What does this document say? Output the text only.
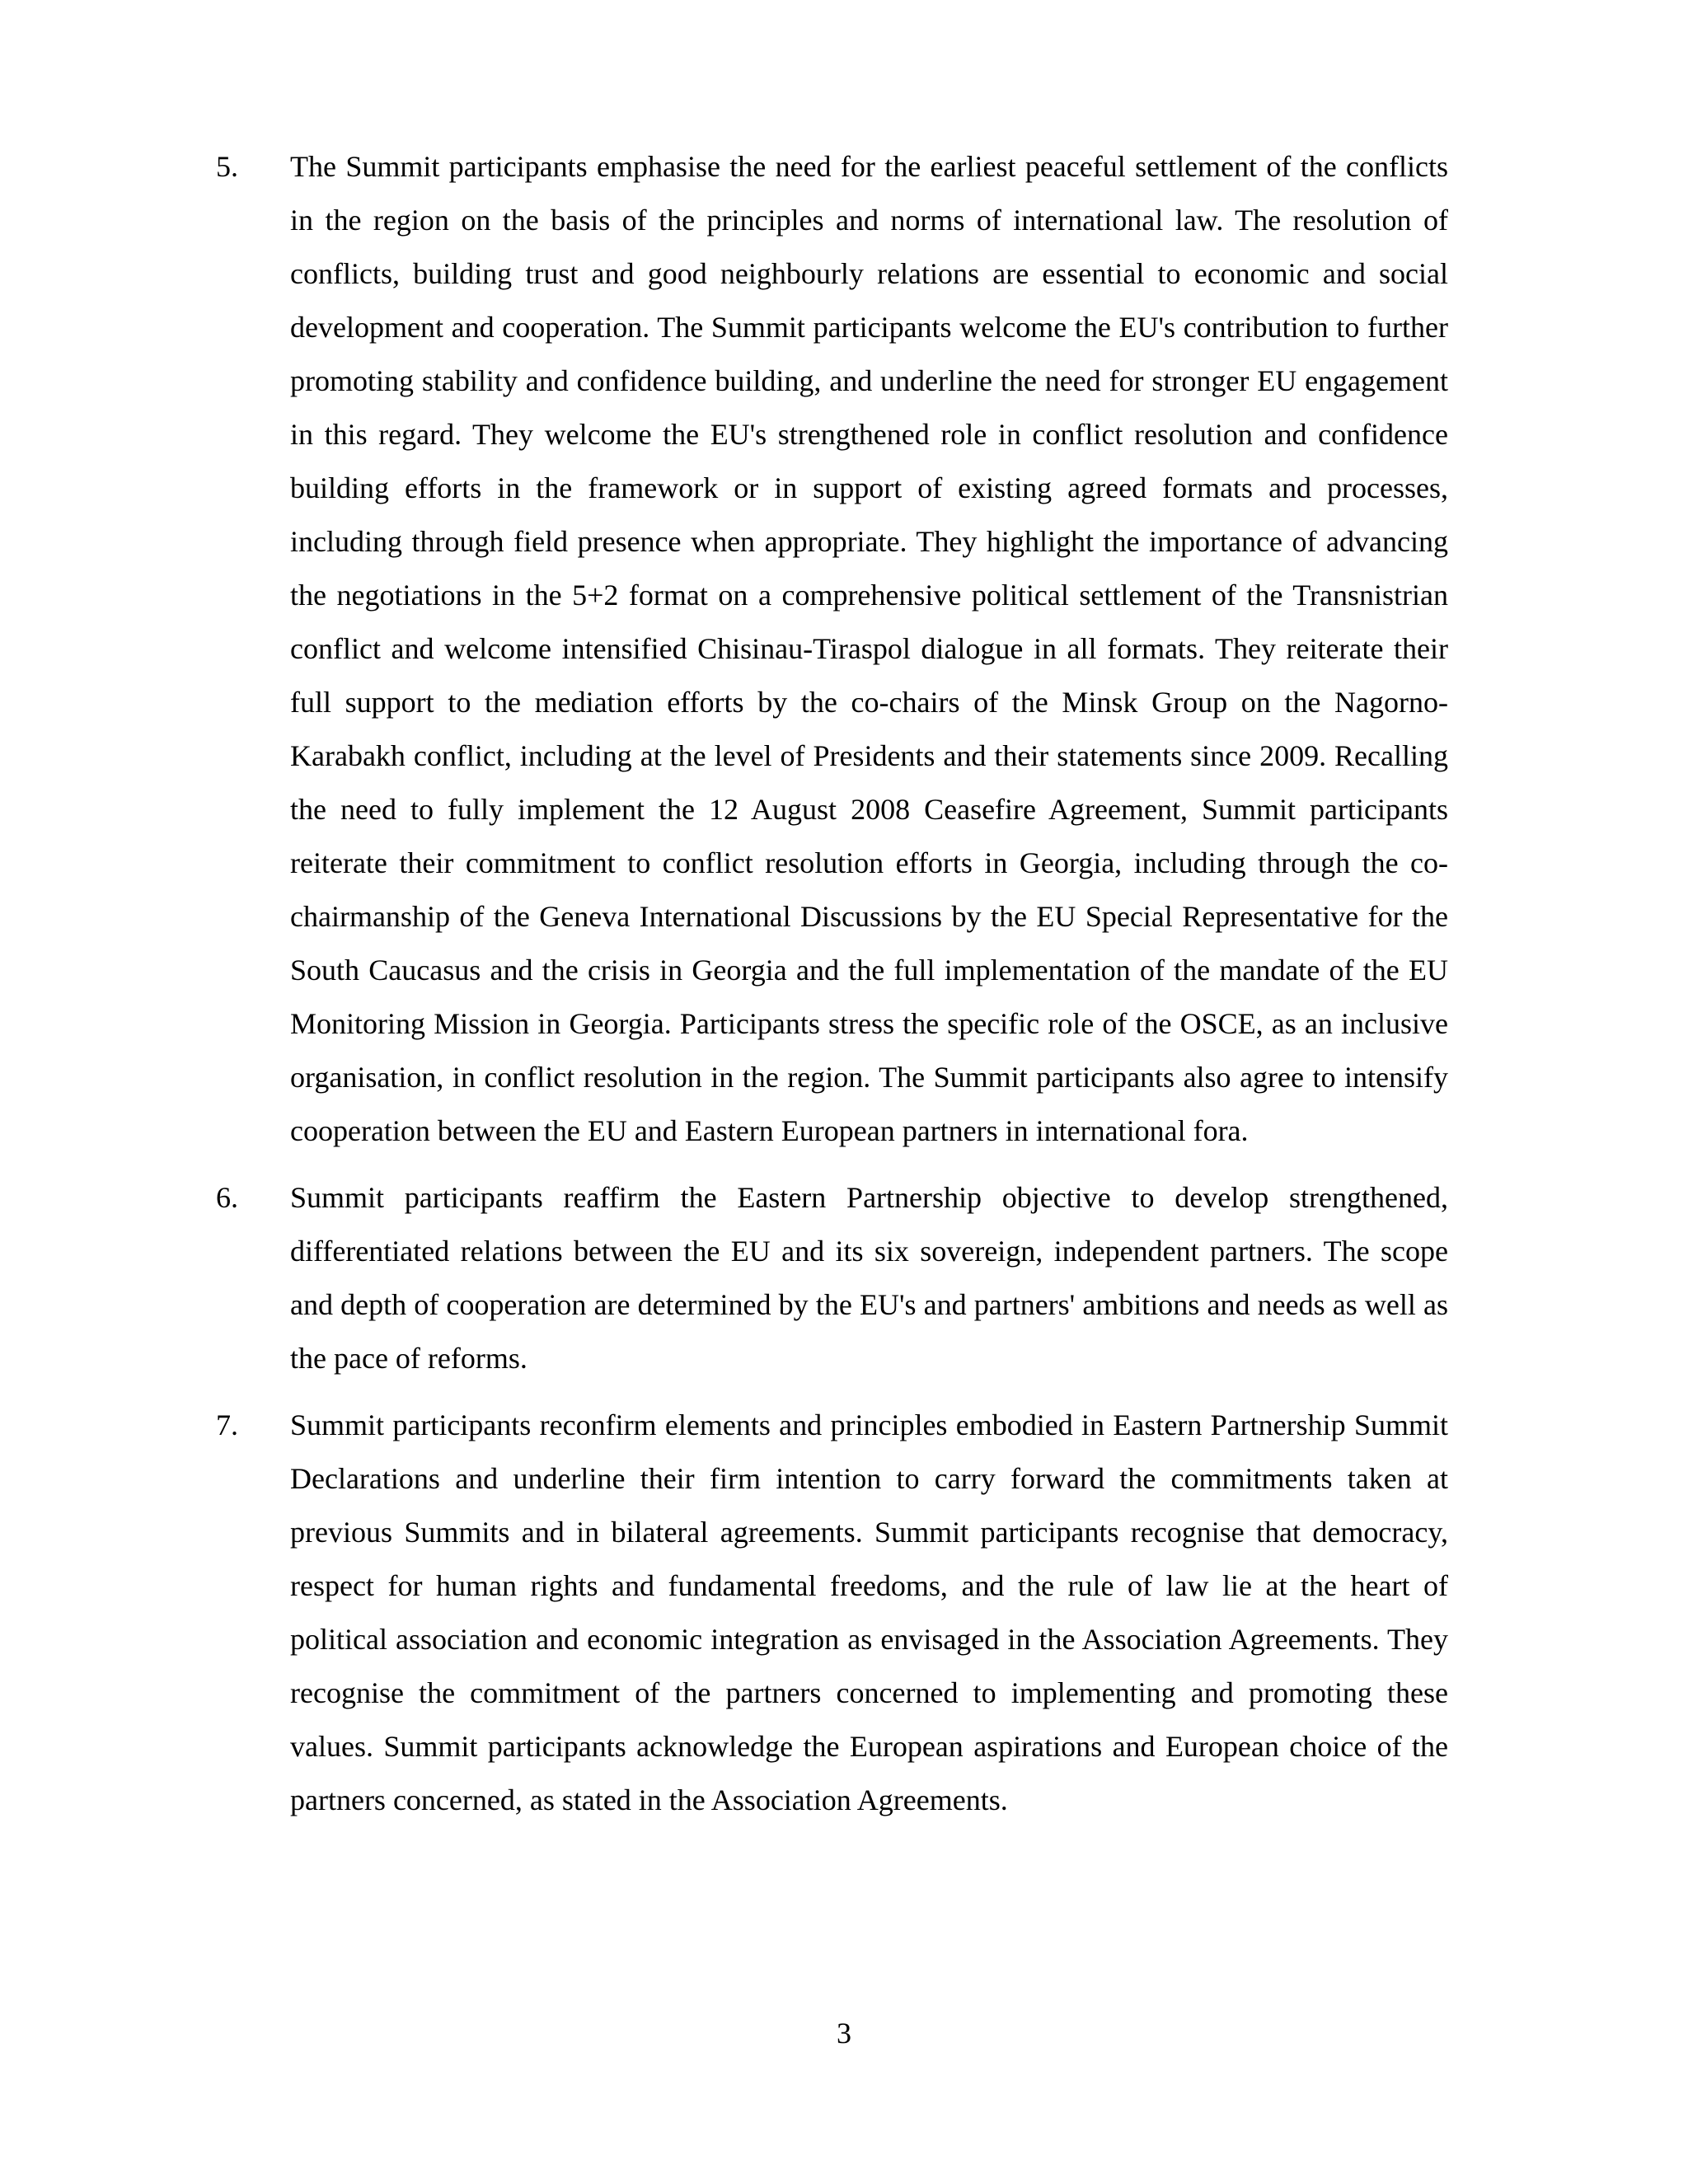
5. The Summit participants emphasise the need for the earliest peaceful settlement of the conflicts in the region on the basis of the principles and norms of international law. The resolution of conflicts, building trust and good neighbourly relations are essential to economic and social development and cooperation. The Summit participants welcome the EU's contribution to further promoting stability and confidence building, and underline the need for stronger EU engagement in this regard. They welcome the EU's strengthened role in conflict resolution and confidence building efforts in the framework or in support of existing agreed formats and processes, including through field presence when appropriate. They highlight the importance of advancing the negotiations in the 5+2 format on a comprehensive political settlement of the Transnistrian conflict and welcome intensified Chisinau-Tiraspol dialogue in all formats. They reiterate their full support to the mediation efforts by the co-chairs of the Minsk Group on the Nagorno-Karabakh conflict, including at the level of Presidents and their statements since 2009. Recalling the need to fully implement the 12 August 2008 Ceasefire Agreement, Summit participants reiterate their commitment to conflict resolution efforts in Georgia, including through the co-chairmanship of the Geneva International Discussions by the EU Special Representative for the South Caucasus and the crisis in Georgia and the full implementation of the mandate of the EU Monitoring Mission in Georgia. Participants stress the specific role of the OSCE, as an inclusive organisation, in conflict resolution in the region. The Summit participants also agree to intensify cooperation between the EU and Eastern European partners in international fora.

6. Summit participants reaffirm the Eastern Partnership objective to develop strengthened, differentiated relations between the EU and its six sovereign, independent partners. The scope and depth of cooperation are determined by the EU's and partners' ambitions and needs as well as the pace of reforms.

7. Summit participants reconfirm elements and principles embodied in Eastern Partnership Summit Declarations and underline their firm intention to carry forward the commitments taken at previous Summits and in bilateral agreements. Summit participants recognise that democracy, respect for human rights and fundamental freedoms, and the rule of law lie at the heart of political association and economic integration as envisaged in the Association Agreements. They recognise the commitment of the partners concerned to implementing and promoting these values. Summit participants acknowledge the European aspirations and European choice of the partners concerned, as stated in the Association Agreements.

3
